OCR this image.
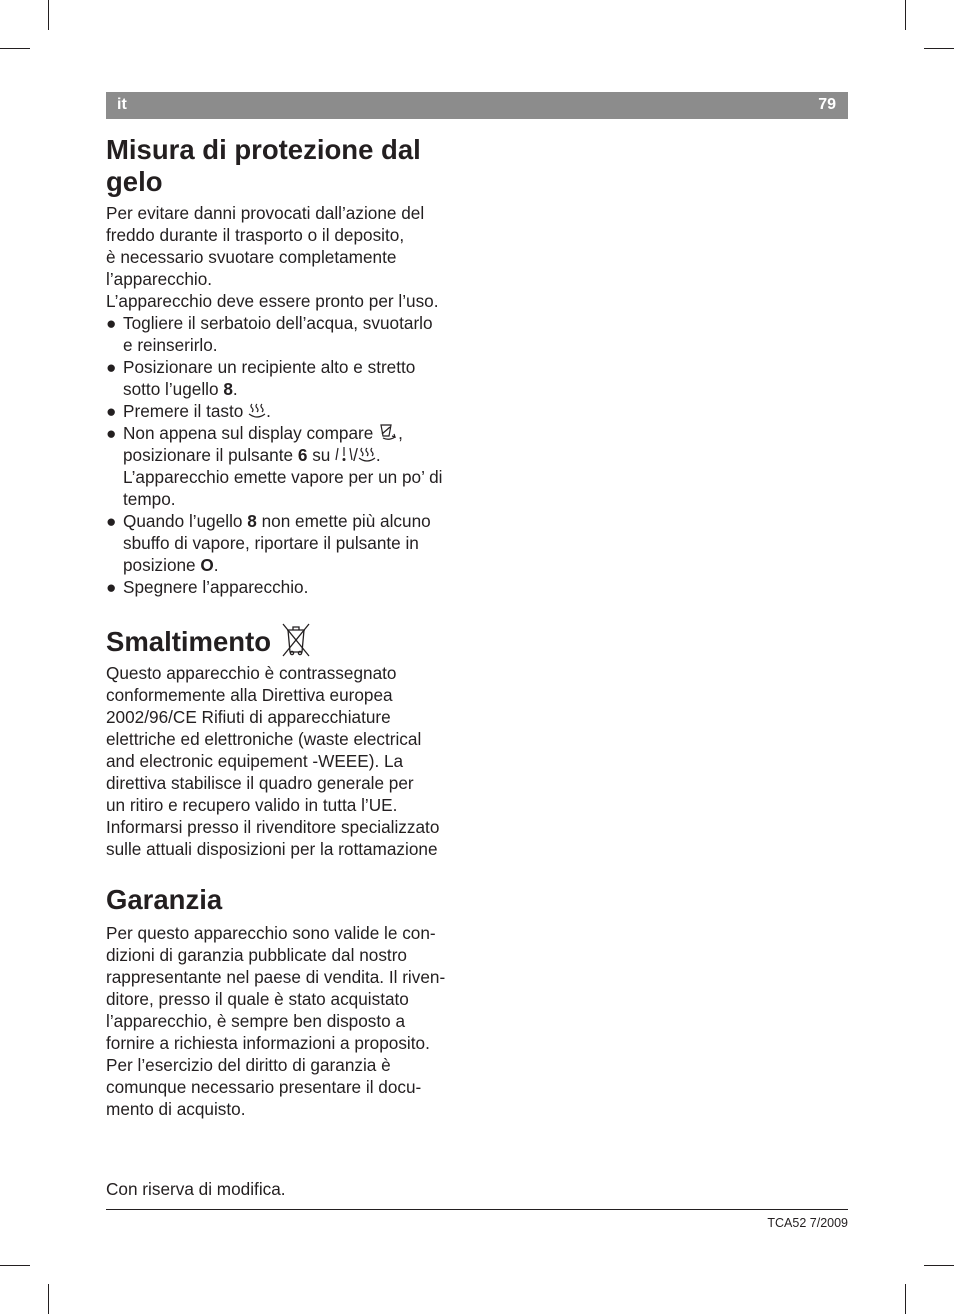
it	79
Misura di protezione dal
gelo
Per evitare danni provocati dall’azione del
freddo durante il trasporto o il deposito,
è necessario svuotare completamente
l’apparecchio.
L’apparecchio deve essere pronto per l’uso.
● Togliere il serbatoio dell’acqua, svuotarlo
e reinserirlo.
● Posizionare un recipiente alto e stretto
sotto l’ugello 8.
● Premere il tasto .
● Non appena sul display compare ,
posizionare il pulsante 6 su / .
L’apparecchio emette vapore per un po’ di
tempo.
● Quando l’ugello 8 non emette più alcuno
sbuffo di vapore, riportare il pulsante in
posizione O.
● Spegnere l’apparecchio.
Smaltimento
Questo apparecchio è contrassegnato
conformemente alla Direttiva europea
2002/96/CE Rifiuti di apparecchiature
elettriche ed elettroniche (waste electrical
and electronic equipement -WEEE). La
direttiva stabilisce il quadro generale per
un ritiro e recupero valido in tutta l’UE.
Informarsi presso il rivenditore specializzato
sulle attuali disposizioni per la rottamazione
Garanzia
Per questo apparecchio sono valide le con-
dizioni di garanzia pubblicate dal nostro
rappresentante nel paese di vendita. Il riven-
ditore, presso il quale è stato acquistato
l’apparecchio, è sempre ben disposto a
fornire a richiesta informazioni a proposito.
Per l’esercizio del diritto di garanzia è
comunque necessario presentare il docu-
mento di acquisto.
Con riserva di modifica.
TCA52 7/2009
